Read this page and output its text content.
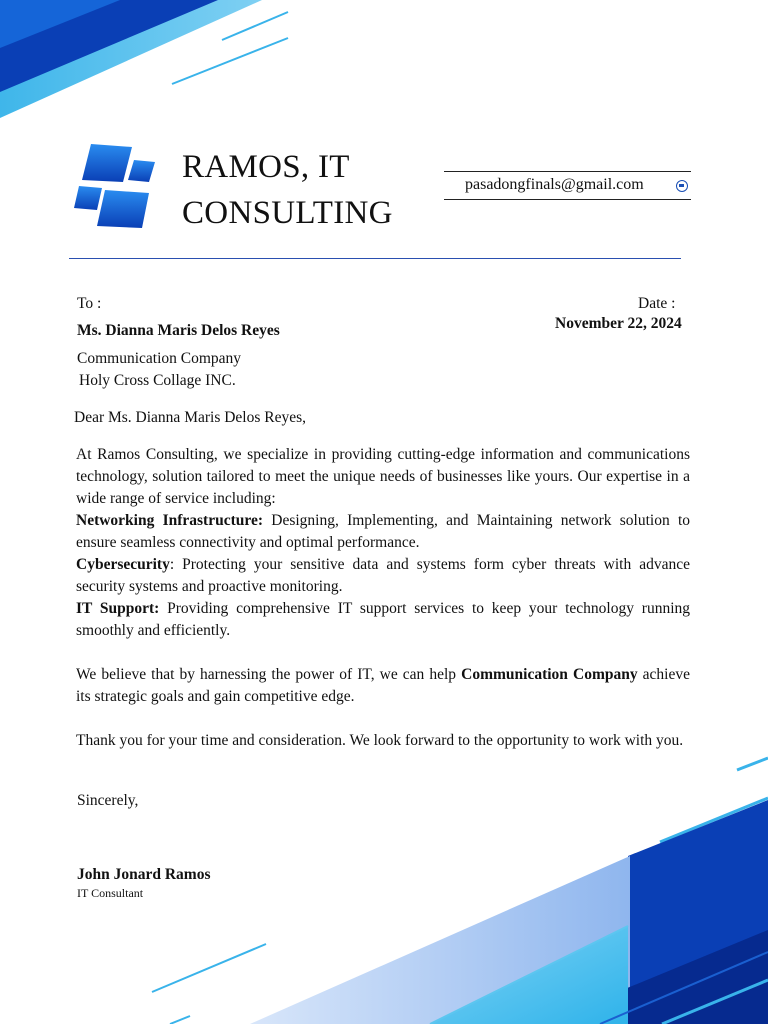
RAMOS, IT
CONSULTING
pasadongfinals@gmail.com
To :	Date :
November 22, 2024
Ms. Dianna Maris Delos Reyes
Communication Company
Holy Cross Collage INC.
Dear Ms. Dianna Maris Delos Reyes,

At Ramos Consulting, we specialize in providing cutting-edge information and communications technology, solution tailored to meet the unique needs of businesses like yours. Our expertise in a wide range of service including:

Networking Infrastructure: Designing, Implementing, and Maintaining network solution to ensure seamless connectivity and optimal performance.

Cybersecurity: Protecting your sensitive data and systems form cyber threats with advance security systems and proactive monitoring.

IT Support: Providing comprehensive IT support services to keep your technology running smoothly and efficiently.

We believe that by harnessing the power of IT, we can help Communication Company achieve its strategic goals and gain competitive edge.

Thank you for your time and consideration. We look forward to the opportunity to work with you.

Sincerely,
John Jonard Ramos
IT Consultant
